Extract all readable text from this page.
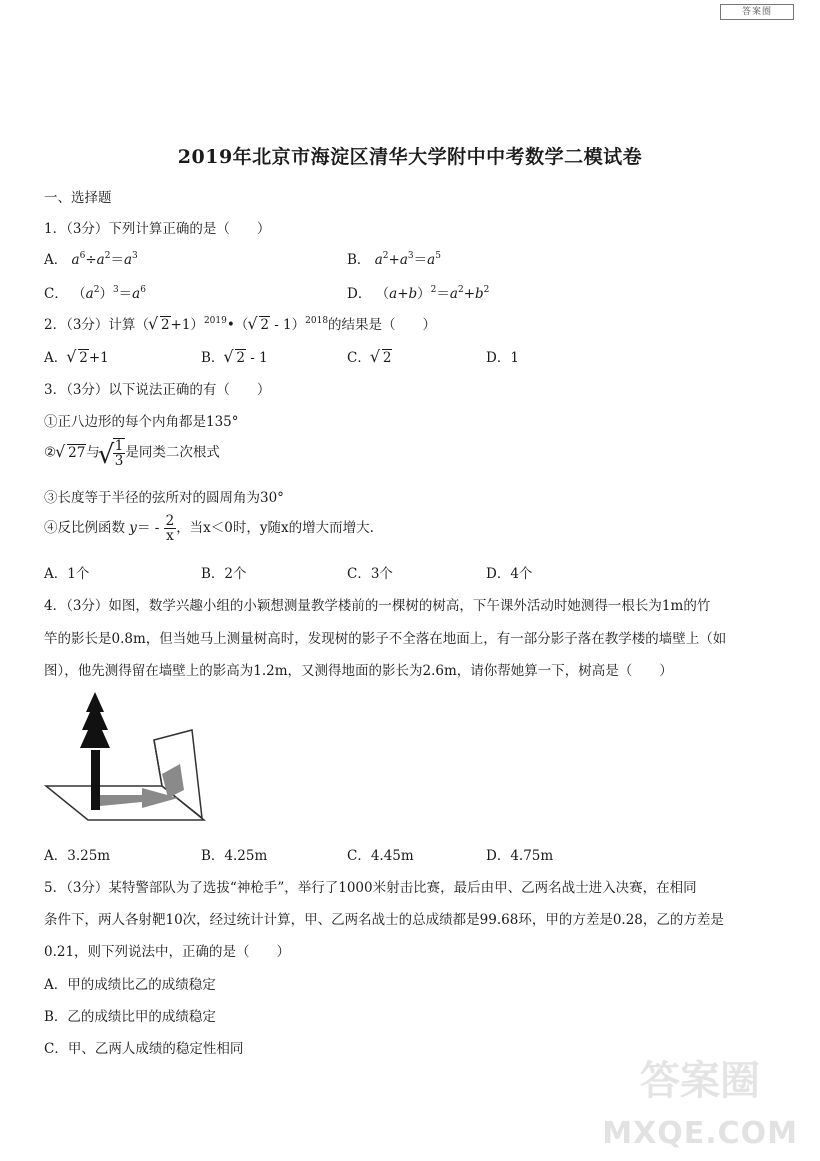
答案圈
2019年北京市海淀区清华大学附中中考数学二模试卷
一、选择题
1．（3分）下列计算正确的是（　　）
A． $a^6\div a^2=a^3$	B． $a^2+a^3=a^5$
C． $(a^2)^3=a^6$	D． $(a+b)^2=a^2+b^2$
2．（3分）计算（ √ 2+1）$^{2019}$•（ √ 2 - 1）$^{2018}$的结果是（　　）
A． √ 2+1	B． √ 2 - 1	C． √ 2	D．1
3．（3分）以下说法正确的有（　　）
①正八边形的每个内角都是135°
② √ 27与 √ $\frac{1}{3}$ 是同类二次根式
③长度等于半径的弦所对的圆周角为30°
④反比例函数 $y= - \frac{2}{x}$ ，当x＜0时，y随x的增大而增大.
A．1个	B．2个	C．3个	D．4个
4．（3分）如图，数学兴趣小组的小颖想测量教学楼前的一棵树的树高，下午课外活动时她测得一根长为1m的竹
竿的影长是0.8m，但当她马上测量树高时，发现树的影子不全落在地面上，有一部分影子落在教学楼的墙壁上（如
图），他先测得留在墙壁上的影高为1.2m，又测得地面的影长为2.6m，请你帮她算一下，树高是（　　）
A．3.25m	B．4.25m	C．4.45m	D．4.75m
5．（3分）某特警部队为了选拔“神枪手”，举行了1000米射击比赛，最后由甲、乙两名战士进入决赛，在相同
条件下，两人各射靶10次，经过统计计算，甲、乙两名战士的总成绩都是99.68环，甲的方差是0.28，乙的方差是
0.21，则下列说法中，正确的是（　　）
A．甲的成绩比乙的成绩稳定
B．乙的成绩比甲的成绩稳定
C．甲、乙两人成绩的稳定性相同
答案圈
MXQE.COM
